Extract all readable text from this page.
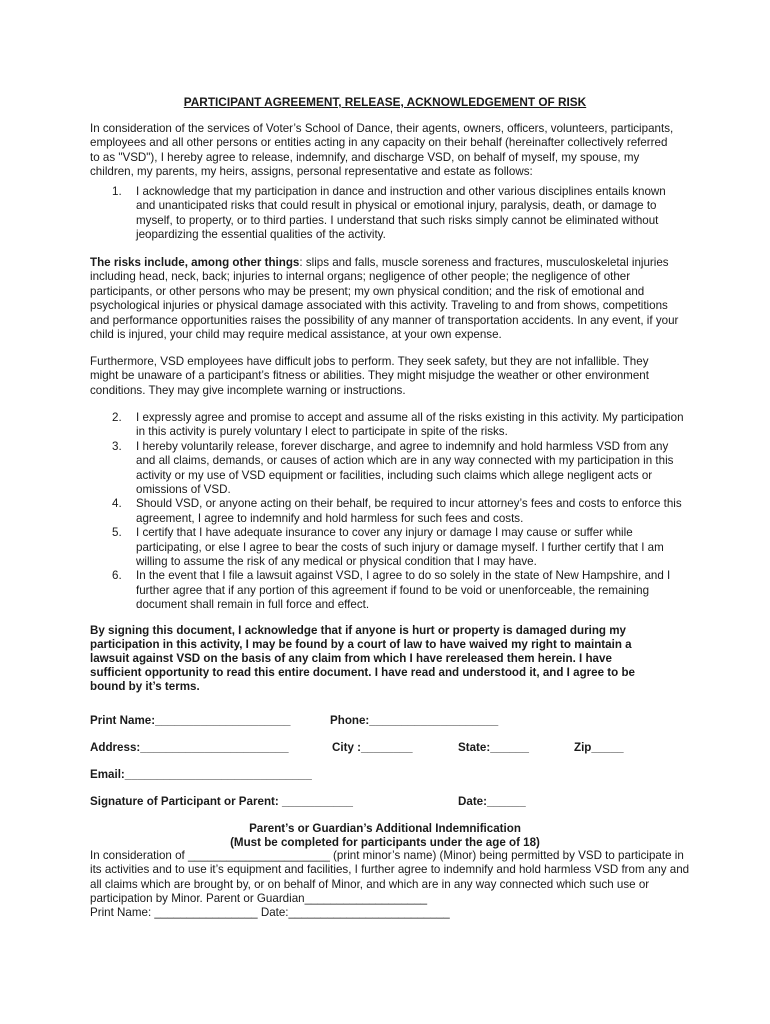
PARTICIPANT AGREEMENT, RELEASE, ACKNOWLEDGEMENT OF RISK

In consideration of the services of Voter’s School of Dance, their agents, owners, officers, volunteers, participants, employees and all other persons or entities acting in any capacity on their behalf (hereinafter collectively referred to as "VSD"), I hereby agree to release, indemnify, and discharge VSD, on behalf of myself, my spouse, my children, my parents, my heirs, assigns, personal representative and estate as follows:

1.	I acknowledge that my participation in dance and instruction and other various disciplines entails known and unanticipated risks that could result in physical or emotional injury, paralysis, death, or damage to myself, to property, or to third parties. I understand that such risks simply cannot be eliminated without jeopardizing the essential qualities of the activity.

The risks include, among other things: slips and falls, muscle soreness and fractures, musculoskeletal injuries including head, neck, back; injuries to internal organs; negligence of other people; the negligence of other participants, or other persons who may be present; my own physical condition; and the risk of emotional and psychological injuries or physical damage associated with this activity. Traveling to and from shows, competitions and performance opportunities raises the possibility of any manner of transportation accidents. In any event, if your child is injured, your child may require medical assistance, at your own expense.

Furthermore, VSD employees have difficult jobs to perform. They seek safety, but they are not infallible. They might be unaware of a participant’s fitness or abilities. They might misjudge the weather or other environment conditions. They may give incomplete warning or instructions.

2.	I expressly agree and promise to accept and assume all of the risks existing in this activity. My participation in this activity is purely voluntary I elect to participate in spite of the risks.
3.	I hereby voluntarily release, forever discharge, and agree to indemnify and hold harmless VSD from any and all claims, demands, or causes of action which are in any way connected with my participation in this activity or my use of VSD equipment or facilities, including such claims which allege negligent acts or omissions of VSD.
4.	Should VSD, or anyone acting on their behalf, be required to incur attorney’s fees and costs to enforce this agreement, I agree to indemnify and hold harmless for such fees and costs.
5.	I certify that I have adequate insurance to cover any injury or damage I may cause or suffer while participating, or else I agree to bear the costs of such injury or damage myself. I further certify that I am willing to assume the risk of any medical or physical condition that I may have.
6.	In the event that I file a lawsuit against VSD, I agree to do so solely in the state of New Hampshire, and I further agree that if any portion of this agreement if found to be void or unenforceable, the remaining document shall remain in full force and effect.

By signing this document, I acknowledge that if anyone is hurt or property is damaged during my participation in this activity, I may be found by a court of law to have waived my right to maintain a lawsuit against VSD on the basis of any claim from which I have rereleased them herein. I have sufficient opportunity to read this entire document. I have read and understood it, and I agree to be bound by it’s terms.

Print Name:_____________________	Phone:____________________
Address:_______________________	City :________	State:______	Zip_____
Email:_____________________________
Signature of Participant or Parent: ___________	Date:______
Parent’s or Guardian’s Additional Indemnification
(Must be completed for participants under the age of 18)

In consideration of ______________________ (print minor’s name) (Minor) being permitted by VSD to participate in its activities and to use it’s equipment and facilities, I further agree to indemnify and hold harmless VSD from any and all claims which are brought by, or on behalf of Minor, and which are in any way connected which such use or participation by Minor. Parent or Guardian___________________

Print Name: ________________ Date:_________________________
